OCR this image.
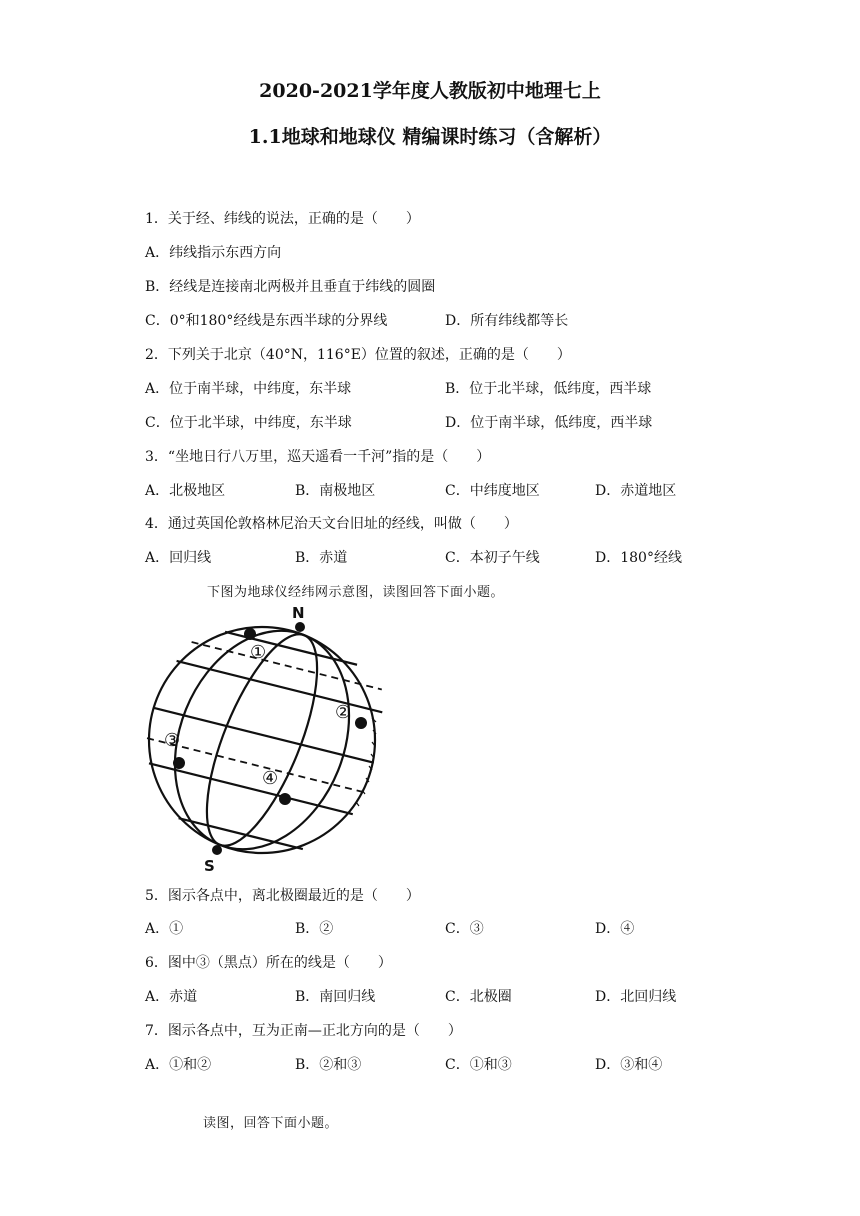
2020-2021学年度人教版初中地理七上
1.1地球和地球仪 精编课时练习（含解析）
1．关于经、纬线的说法，正确的是（　　）
A．纬线指示东西方向
B．经线是连接南北两极并且垂直于纬线的圆圈
C．0°和180°经线是东西半球的分界线	D．所有纬线都等长
2．下列关于北京（40°N，116°E）位置的叙述，正确的是（　　）
A．位于南半球，中纬度，东半球	B．位于北半球，低纬度，西半球
C．位于北半球，中纬度，东半球	D．位于南半球，低纬度，西半球
3．“坐地日行八万里，巡天遥看一千河”指的是（　　）
A．北极地区	B．南极地区	C．中纬度地区	D．赤道地区
4．通过英国伦敦格林尼治天文台旧址的经线，叫做（　　）
A．回归线	B．赤道	C．本初子午线	D．180°经线
下图为地球仪经纬网示意图，读图回答下面小题。
N
S
①
②
③
④
5．图示各点中，离北极圈最近的是（　　）
A．①	B．②	C．③	D．④
6．图中③（黑点）所在的线是（　　）
A．赤道	B．南回归线	C．北极圈	D．北回归线
7．图示各点中，互为正南—正北方向的是（　　）
A．①和②	B．②和③	C．①和③	D．③和④
读图，回答下面小题。
